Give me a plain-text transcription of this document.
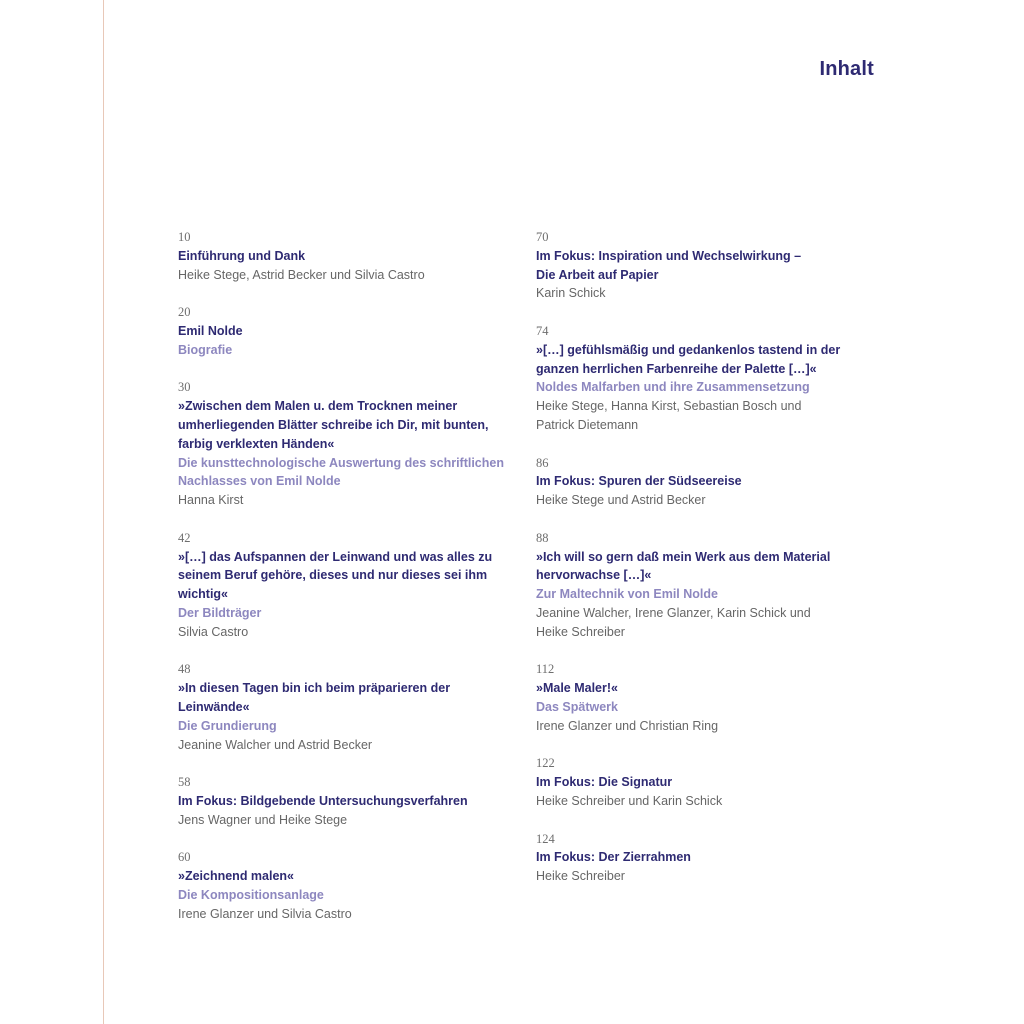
Inhalt

10

Einführung und Dank

Heike Stege, Astrid Becker und Silvia Castro

20

Emil Nolde

Biografie

30

»Zwischen dem Malen u. dem Trocknen meiner
umherliegenden Blätter schreibe ich Dir, mit bunten,
farbig verklexten Händen«

Die kunsttechnologische Auswertung des schriftlichen
Nachlasses von Emil Nolde

Hanna Kirst

42

»[…] das Aufspannen der Leinwand und was alles zu
seinem Beruf gehöre, dieses und nur dieses sei ihm
wichtig«

Der Bildträger

Silvia Castro

48

»In diesen Tagen bin ich beim präparieren der
Leinwände«

Die Grundierung

Jeanine Walcher und Astrid Becker

58

Im Fokus: Bildgebende Untersuchungsverfahren

Jens Wagner und Heike Stege

60

»Zeichnend malen«

Die Kompositionsanlage

Irene Glanzer und Silvia Castro

70

Im Fokus: Inspiration und Wechselwirkung –
Die Arbeit auf Papier

Karin Schick

74

»[…] gefühlsmäßig und gedankenlos tastend in der
ganzen herrlichen Farbenreihe der Palette […]«

Noldes Malfarben und ihre Zusammensetzung

Heike Stege, Hanna Kirst, Sebastian Bosch und
Patrick Dietemann

86

Im Fokus: Spuren der Südseereise

Heike Stege und Astrid Becker

88

»Ich will so gern daß mein Werk aus dem Material
hervorwachse […]«

Zur Maltechnik von Emil Nolde

Jeanine Walcher, Irene Glanzer, Karin Schick und
Heike Schreiber

112

»Male Maler!«

Das Spätwerk

Irene Glanzer und Christian Ring

122

Im Fokus: Die Signatur

Heike Schreiber und Karin Schick

124

Im Fokus: Der Zierrahmen

Heike Schreiber
